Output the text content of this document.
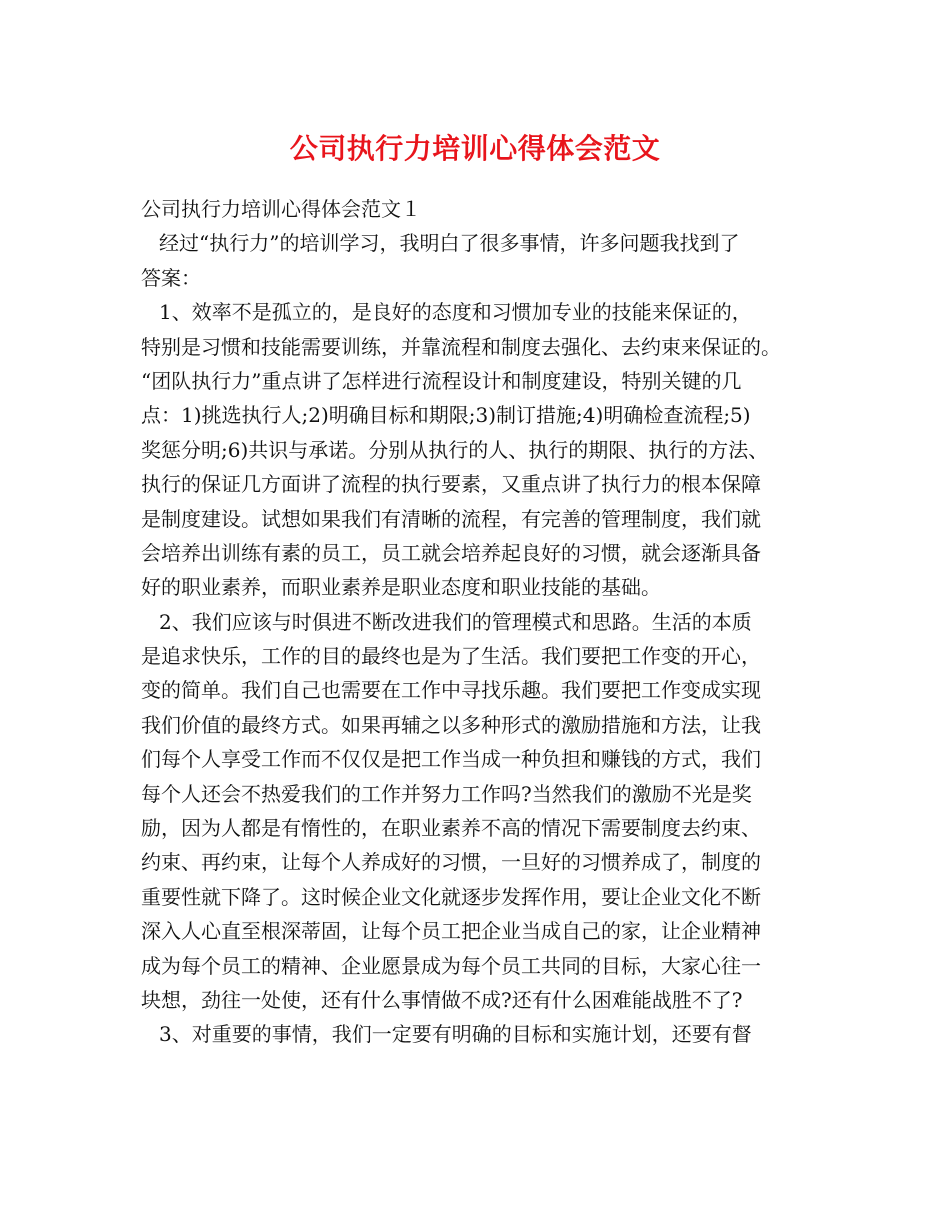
公司执行力培训心得体会范文
公司执行力培训心得体会范文１
经过“执行力”的培训学习，我明白了很多事情，许多问题我找到了
答案：
1、效率不是孤立的，是良好的态度和习惯加专业的技能来保证的，
特别是习惯和技能需要训练，并靠流程和制度去强化、去约束来保证的。
“团队执行力”重点讲了怎样进行流程设计和制度建设，特别关键的几
点：1)挑选执行人;2)明确目标和期限;3)制订措施;4)明确检查流程;5)
奖惩分明;6)共识与承诺。分别从执行的人、执行的期限、执行的方法、
执行的保证几方面讲了流程的执行要素，又重点讲了执行力的根本保障
是制度建设。试想如果我们有清晰的流程，有完善的管理制度，我们就
会培养出训练有素的员工，员工就会培养起良好的习惯，就会逐渐具备
好的职业素养，而职业素养是职业态度和职业技能的基础。
2、我们应该与时俱进不断改进我们的管理模式和思路。生活的本质
是追求快乐，工作的目的最终也是为了生活。我们要把工作变的开心，
变的简单。我们自己也需要在工作中寻找乐趣。我们要把工作变成实现
我们价值的最终方式。如果再辅之以多种形式的激励措施和方法，让我
们每个人享受工作而不仅仅是把工作当成一种负担和赚钱的方式，我们
每个人还会不热爱我们的工作并努力工作吗?当然我们的激励不光是奖
励，因为人都是有惰性的，在职业素养不高的情况下需要制度去约束、
约束、再约束，让每个人养成好的习惯，一旦好的习惯养成了，制度的
重要性就下降了。这时候企业文化就逐步发挥作用，要让企业文化不断
深入人心直至根深蒂固，让每个员工把企业当成自己的家，让企业精神
成为每个员工的精神、企业愿景成为每个员工共同的目标，大家心往一
块想，劲往一处使，还有什么事情做不成?还有什么困难能战胜不了?
3、对重要的事情，我们一定要有明确的目标和实施计划，还要有督
